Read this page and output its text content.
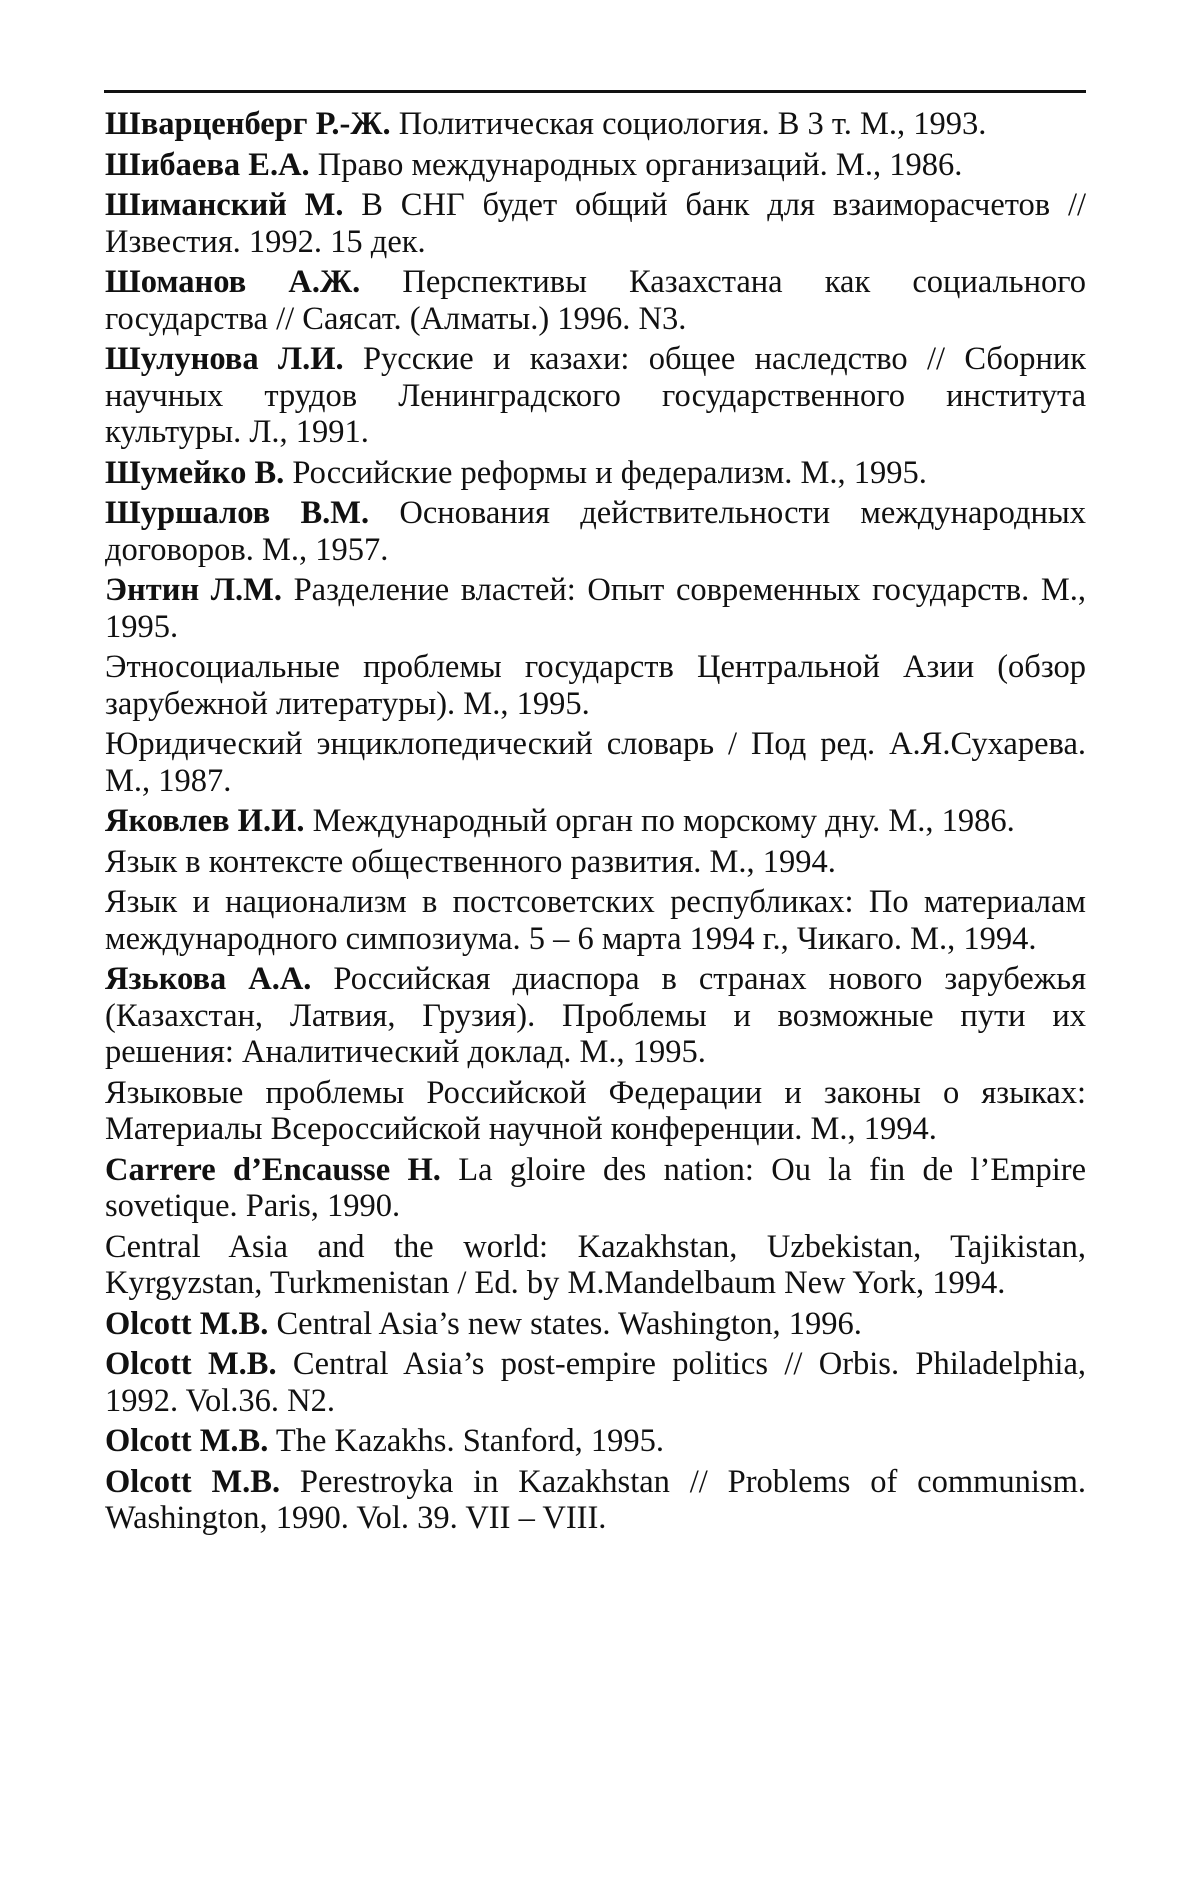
Шварценберг Р.-Ж. Политическая социология. В 3 т. М., 1993.
Шибаева Е.А. Право международных организаций. М., 1986.
Шиманский М. В СНГ будет общий банк для взаиморасчетов // Известия. 1992. 15 дек.
Шоманов А.Ж. Перспективы Казахстана как социального государства // Саясат. (Алматы.) 1996. N3.
Шулунова Л.И. Русские и казахи: общее наследство // Сборник научных трудов Ленинградского государственного института культуры. Л., 1991.
Шумейко В. Российские реформы и федерализм. М., 1995.
Шуршалов В.М. Основания действительности международных договоров. М., 1957.
Энтин Л.М. Разделение властей: Опыт современных государств. М., 1995.
Этносоциальные проблемы государств Центральной Азии (обзор зарубежной литературы). М., 1995.
Юридический энциклопедический словарь / Под ред. А.Я.Сухарева. М., 1987.
Яковлев И.И. Международный орган по морскому дну. М., 1986.
Язык в контексте общественного развития. М., 1994.
Язык и национализм в постсоветских республиках: По материалам международного симпозиума. 5 – 6 марта 1994 г., Чикаго. М., 1994.
Язькова А.А. Российская диаспора в странах нового зарубежья (Казахстан, Латвия, Грузия). Проблемы и возможные пути их решения: Аналитический доклад. М., 1995.
Языковые проблемы Российской Федерации и законы о языках: Материалы Всероссийской научной конференции. М., 1994.
Carrere d’Encausse H. La gloire des nation: Ou la fin de l’Empire sovetique. Paris, 1990.
Central Asia and the world: Kazakhstan, Uzbekistan, Tajikistan, Kyrgyzstan, Turkmenistan / Ed. by M.Mandelbaum New York, 1994.
Olcott M.B. Central Asia’s new states. Washington, 1996.
Olcott M.B. Central Asia’s post-empire politics // Orbis. Philadelphia, 1992. Vol.36. N2.
Olcott M.B. The Kazakhs. Stanford, 1995.
Olcott M.B. Perestroyka in Kazakhstan // Problems of communism. Washington, 1990. Vol. 39. VII – VIII.
